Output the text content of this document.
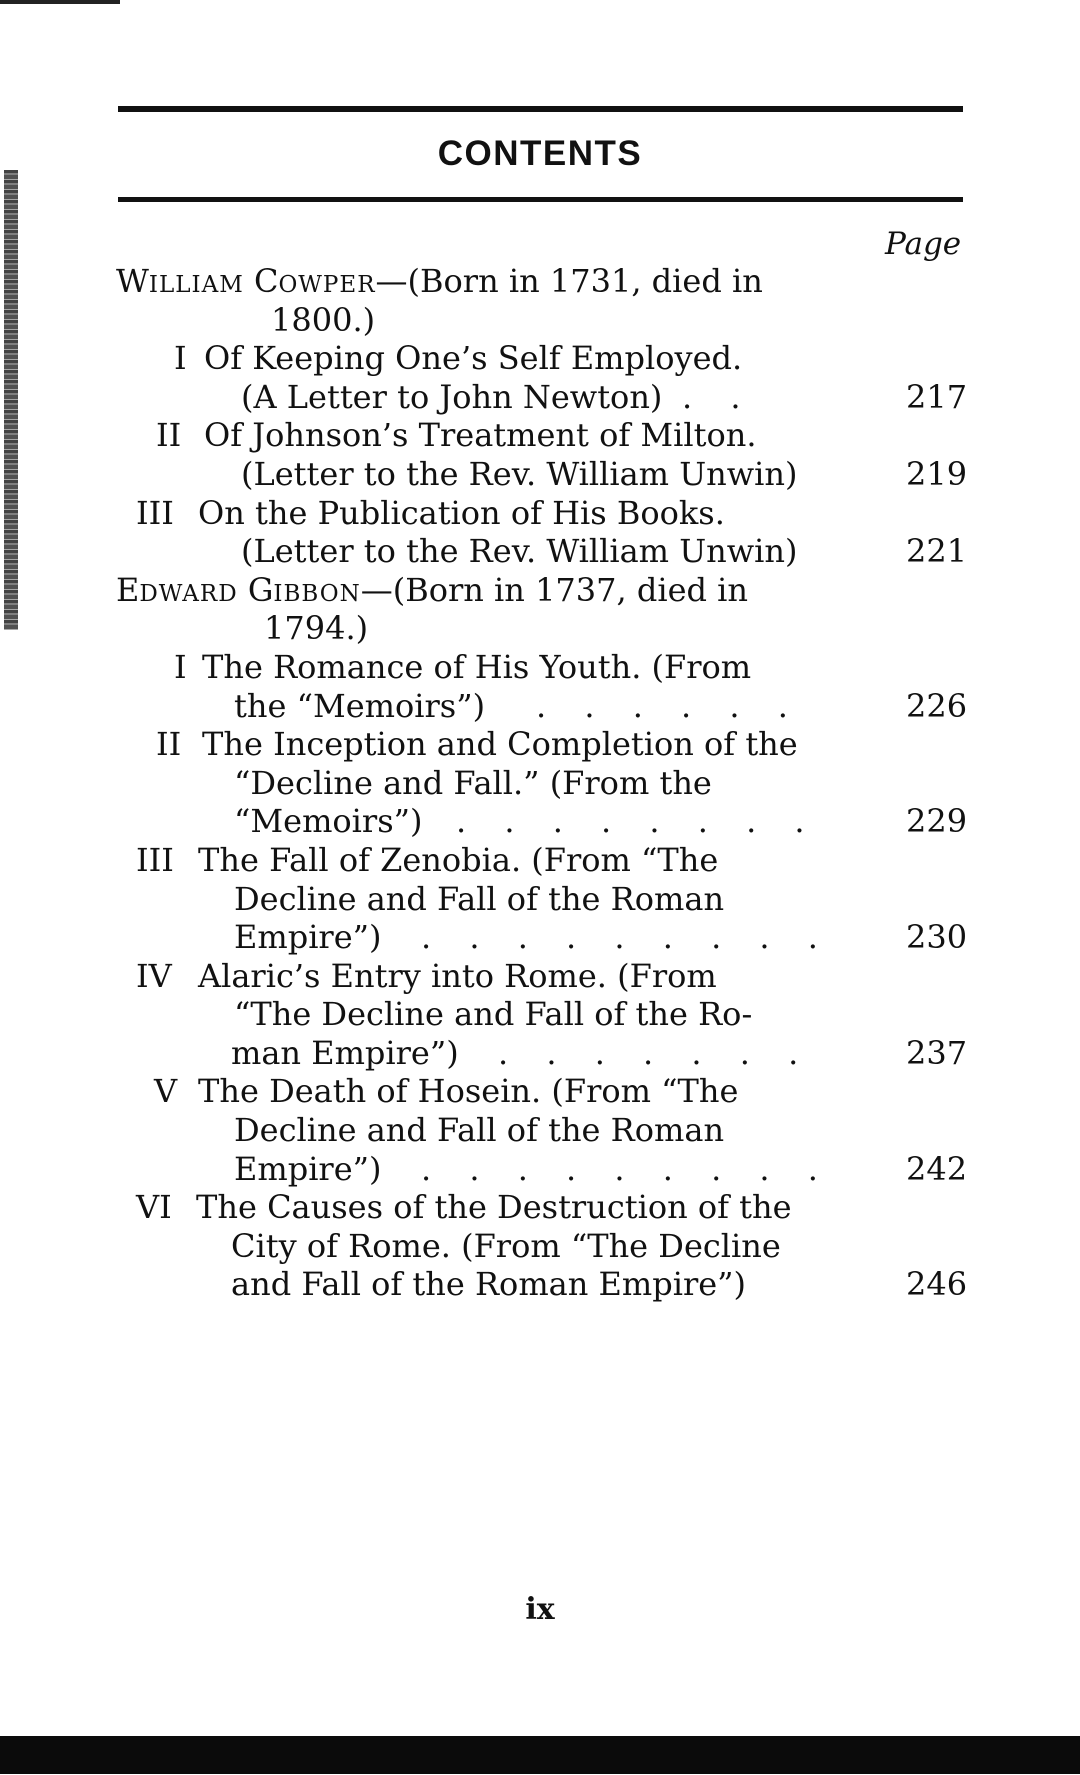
CONTENTS
Page
WILLIAM COWPER—(Born in 1731, died in
1800.)
I Of Keeping One’s Self Employed.
(A Letter to John Newton) . .	217
II Of Johnson’s Treatment of Milton.
(Letter to the Rev. William Unwin)	219
III On the Publication of His Books.
(Letter to the Rev. William Unwin)	221
EDWARD GIBBON—(Born in 1737, died in
1794.)
I The Romance of His Youth. (From
the “Memoirs”) . . . . . .	226
II The Inception and Completion of the
“Decline and Fall.” (From the
“Memoirs”) . . . . . . . .	229
III The Fall of Zenobia. (From “The
Decline and Fall of the Roman
Empire”) . . . . . . . . . 230
IV Alaric’s Entry into Rome. (From
“The Decline and Fall of the Ro-
man Empire”) . . . . . . .	237
V The Death of Hosein. (From “The
Decline and Fall of the Roman
Empire”) . . . . . . . . . 242
VI The Causes of the Destruction of the
City of Rome. (From “The Decline
and Fall of the Roman Empire”)	246
ix
